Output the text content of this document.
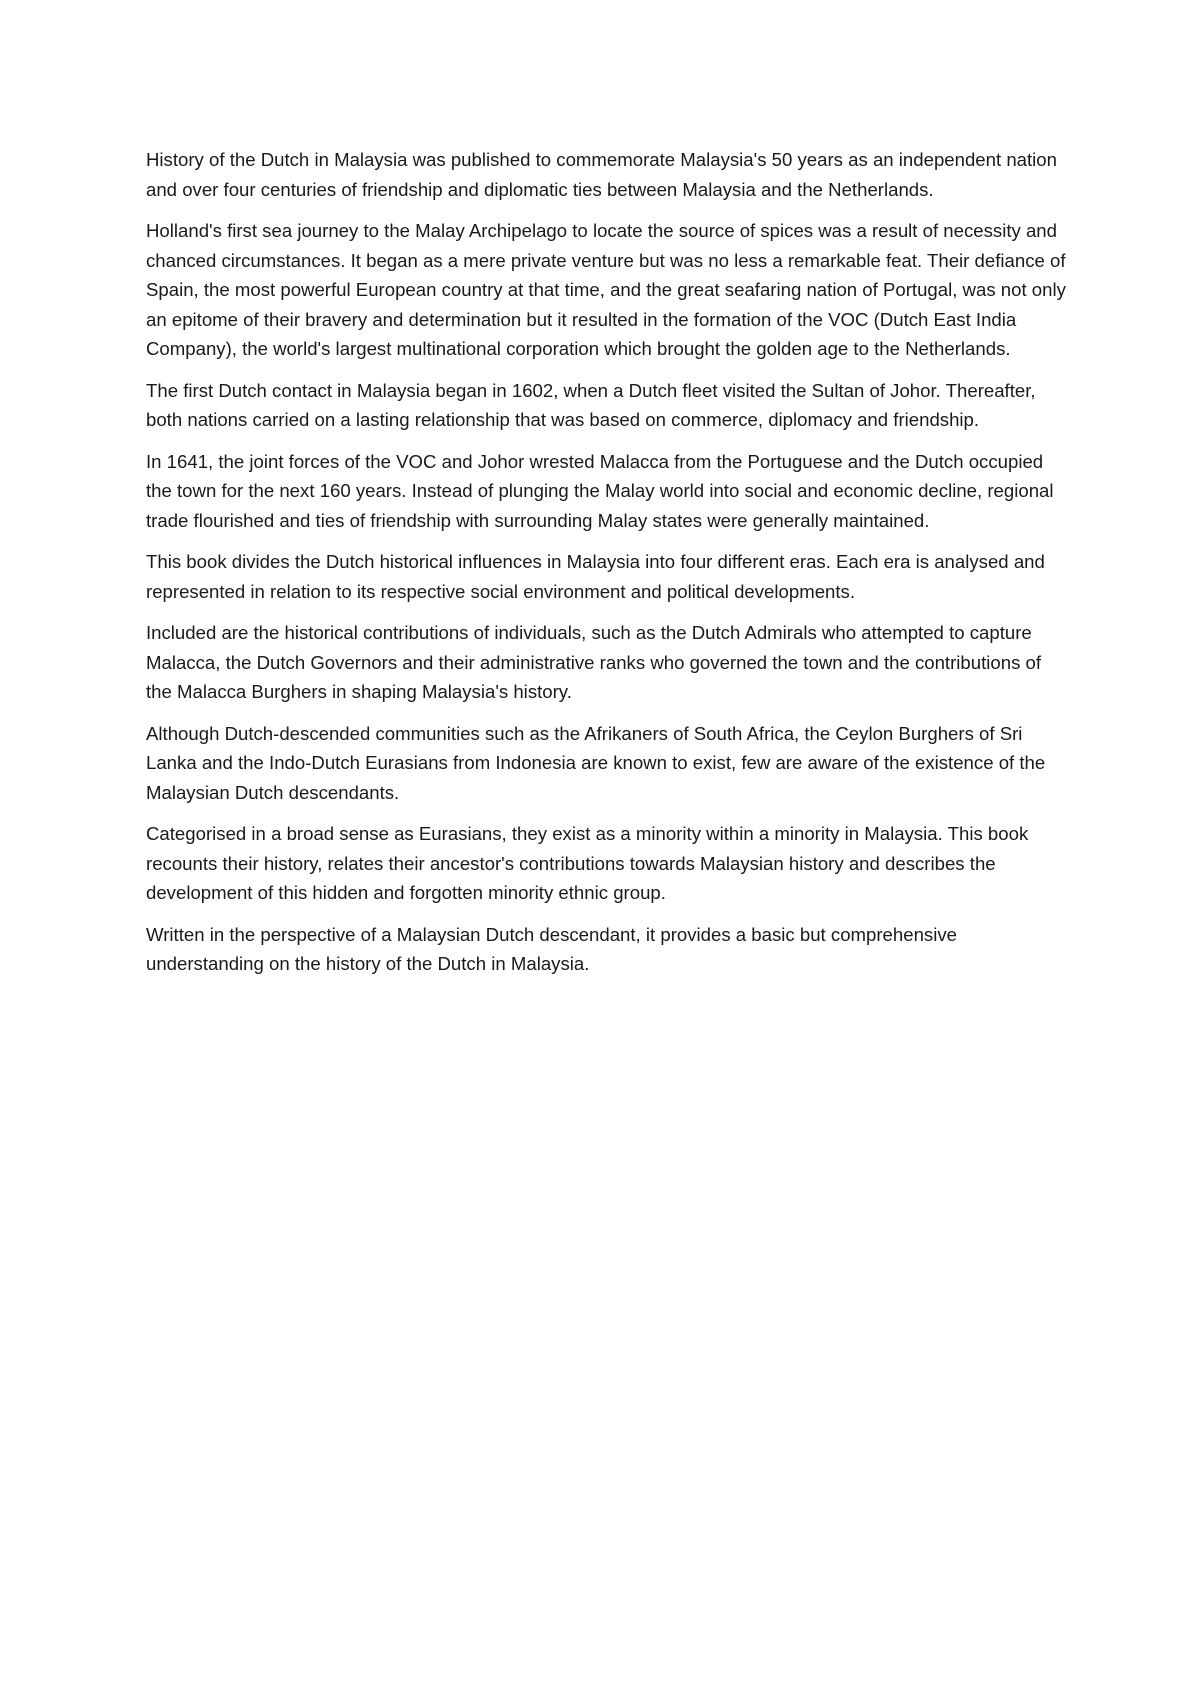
History of the Dutch in Malaysia was published to commemorate Malaysia's 50 years as an independent nation and over four centuries of friendship and diplomatic ties between Malaysia and the Netherlands.

Holland's first sea journey to the Malay Archipelago to locate the source of spices was a result of necessity and chanced circumstances. It began as a mere private venture but was no less a remarkable feat. Their defiance of Spain, the most powerful European country at that time, and the great seafaring nation of Portugal, was not only an epitome of their bravery and determination but it resulted in the formation of the VOC (Dutch East India Company), the world's largest multinational corporation which brought the golden age to the Netherlands.

The first Dutch contact in Malaysia began in 1602, when a Dutch fleet visited the Sultan of Johor. Thereafter, both nations carried on a lasting relationship that was based on commerce, diplomacy and friendship.

In 1641, the joint forces of the VOC and Johor wrested Malacca from the Portuguese and the Dutch occupied the town for the next 160 years. Instead of plunging the Malay world into social and economic decline, regional trade flourished and ties of friendship with surrounding Malay states were generally maintained.

This book divides the Dutch historical influences in Malaysia into four different eras. Each era is analysed and represented in relation to its respective social environment and political developments.

Included are the historical contributions of individuals, such as the Dutch Admirals who attempted to capture Malacca, the Dutch Governors and their administrative ranks who governed the town and the contributions of the Malacca Burghers in shaping Malaysia's history.

Although Dutch-descended communities such as the Afrikaners of South Africa, the Ceylon Burghers of Sri Lanka and the Indo-Dutch Eurasians from Indonesia are known to exist, few are aware of the existence of the Malaysian Dutch descendants.

Categorised in a broad sense as Eurasians, they exist as a minority within a minority in Malaysia. This book recounts their history, relates their ancestor's contributions towards Malaysian history and describes the development of this hidden and forgotten minority ethnic group.

Written in the perspective of a Malaysian Dutch descendant, it provides a basic but comprehensive understanding on the history of the Dutch in Malaysia.
